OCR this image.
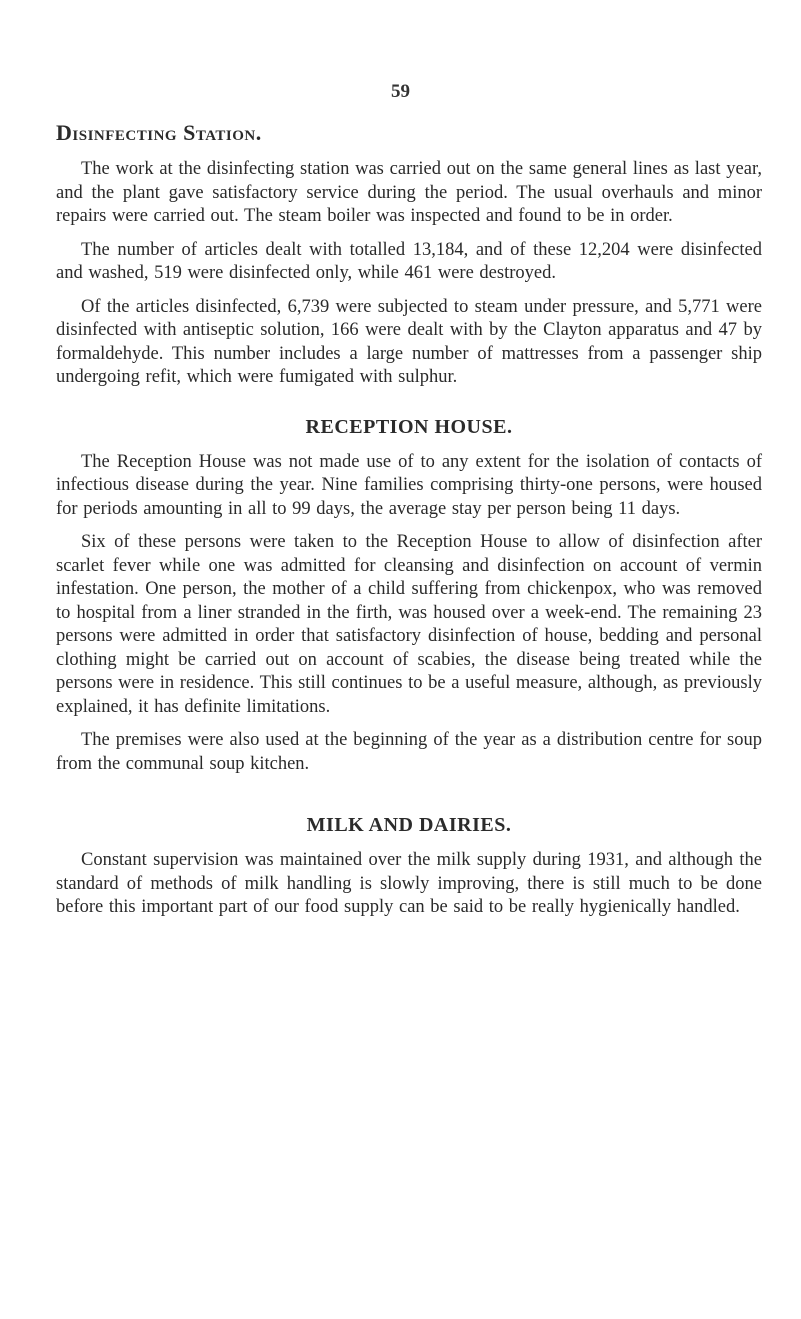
59
Disinfecting Station.

The work at the disinfecting station was carried out on the same general lines as last year, and the plant gave satisfactory service during the period. The usual overhauls and minor repairs were carried out. The steam boiler was inspected and found to be in order.

The number of articles dealt with totalled 13,184, and of these 12,204 were disinfected and washed, 519 were disinfected only, while 461 were destroyed.

Of the articles disinfected, 6,739 were subjected to steam under pressure, and 5,771 were disinfected with antiseptic solution, 166 were dealt with by the Clayton apparatus and 47 by formaldehyde. This number includes a large number of mattresses from a passenger ship undergoing refit, which were fumigated with sulphur.

RECEPTION HOUSE.

The Reception House was not made use of to any extent for the isolation of contacts of infectious disease during the year. Nine families comprising thirty-one persons, were housed for periods amounting in all to 99 days, the average stay per person being 11 days.

Six of these persons were taken to the Reception House to allow of disinfection after scarlet fever while one was admitted for cleansing and disinfection on account of vermin infestation. One person, the mother of a child suffering from chickenpox, who was removed to hospital from a liner stranded in the firth, was housed over a week-end. The remaining 23 persons were admitted in order that satisfactory disinfection of house, bedding and personal clothing might be carried out on account of scabies, the disease being treated while the persons were in residence. This still continues to be a useful measure, although, as previously explained, it has definite limitations.

The premises were also used at the beginning of the year as a distribution centre for soup from the communal soup kitchen.

MILK AND DAIRIES.

Constant supervision was maintained over the milk supply during 1931, and although the standard of methods of milk handling is slowly improving, there is still much to be done before this important part of our food supply can be said to be really hygienically handled.
